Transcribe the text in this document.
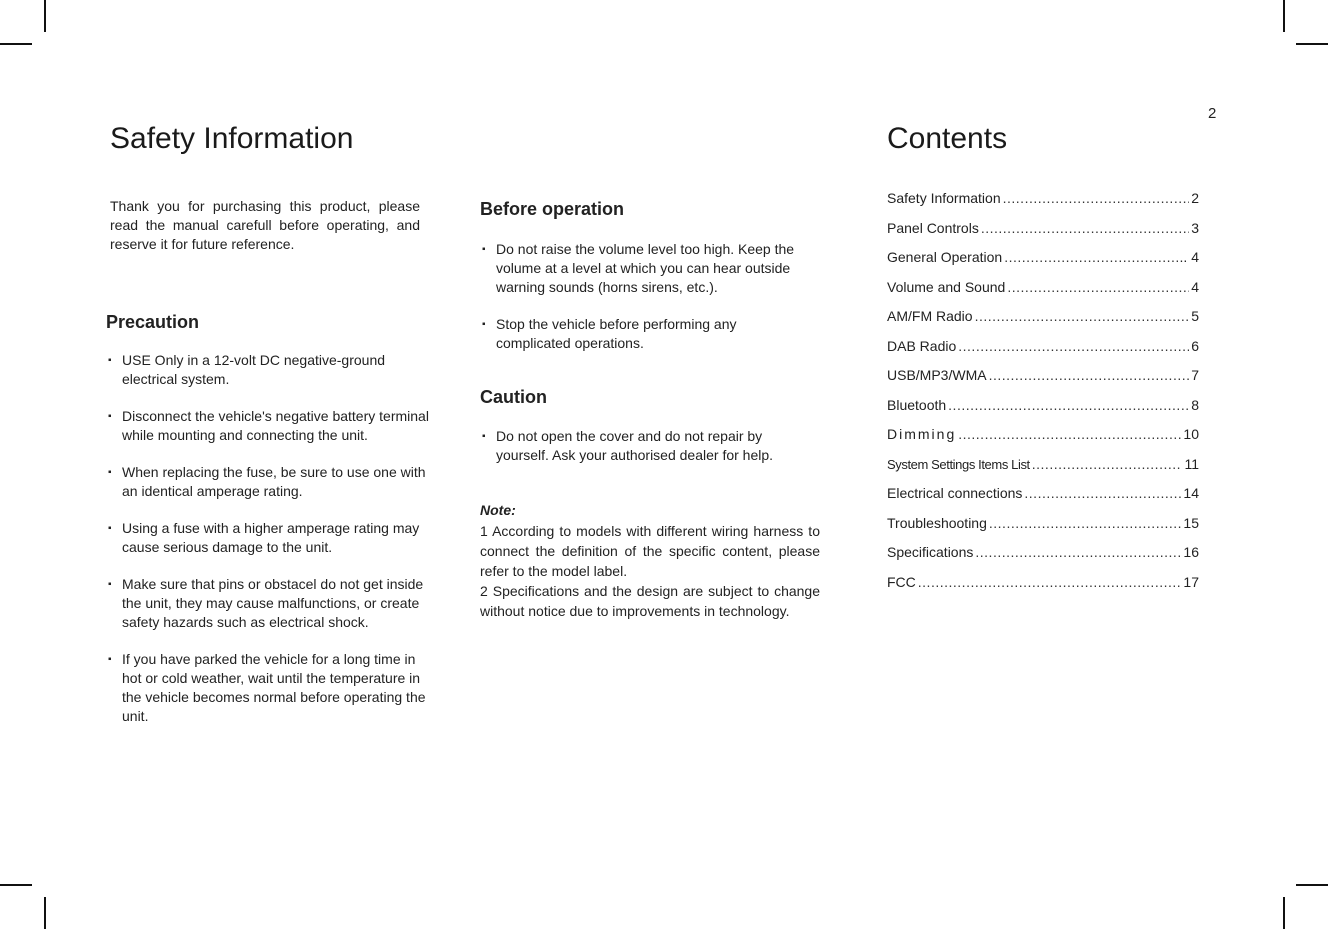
2
Safety Information

Thank you for purchasing this product, please read the manual carefull before operating, and reserve it for future reference.

Precaution
▪ USE Only in a 12-volt DC negative-ground electrical system.
▪ Disconnect the vehicle's negative battery terminal while mounting and connecting the unit.
▪ When replacing the fuse, be sure to use one with an identical amperage rating.
▪ Using a fuse with a higher amperage rating may cause serious damage to the unit.
▪ Make sure that pins or obstacel do not get inside the unit, they may cause malfunctions, or create safety hazards such as electrical shock.
▪ If you have parked the vehicle for a long time in hot or cold weather, wait until the temperature in the vehicle becomes normal before operating the unit.
Before operation
▪ Do not raise the volume level too high. Keep the volume at a level at which you can hear outside warning sounds (horns sirens, etc.).
▪ Stop the vehicle before performing any complicated operations.
Caution
▪ Do not open the cover and do not repair by yourself. Ask your authorised dealer for help.

Note:

1 According to models with different wiring harness to connect the definition of the specific content, please refer to the model label.

2 Specifications and the design are subject to change without notice due to improvements in technology.

Contents
Safety Information .....	2
Panel Controls .....	3
General Operation .....	.. 4
Volume and Sound .....	4
AM/FM Radio .....	5
DAB Radio .....	6
USB/MP3/WMA .....	7
Bluetooth .....	8
Dimming .....	10
System Settings Items List .....	11
Electrical connections .....	14
Troubleshooting .....	15
Specifications .....	16
FCC .....	17
